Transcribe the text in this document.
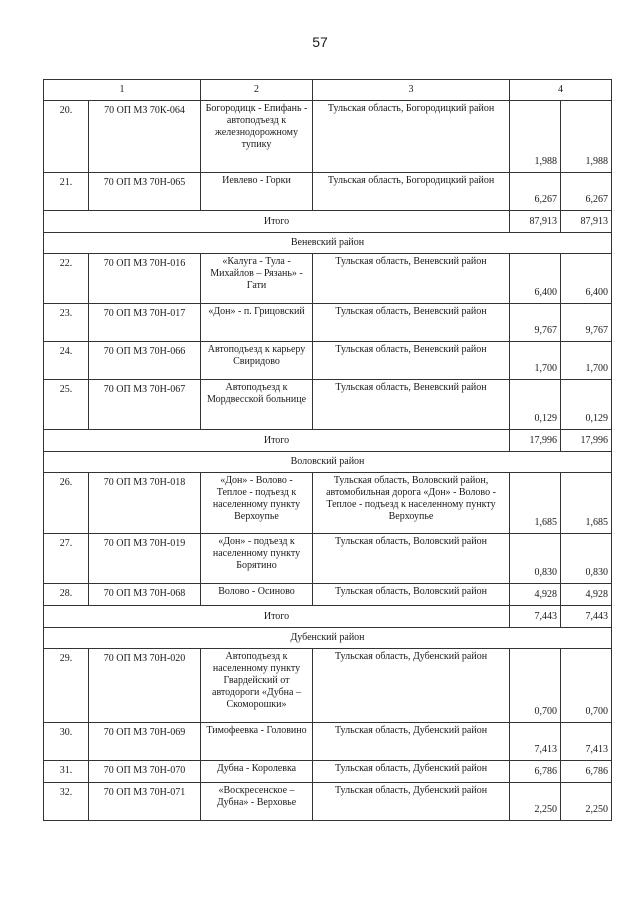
57
1		2	3	4	
20.	70 ОП МЗ 70К-064	Богородицк - Епифань - автоподъезд к железнодорожному тупику	Тульская область, Богородицкий район	1,988	1,988
21.	70 ОП МЗ 70Н-065	Иевлево - Горки	Тульская область, Богородицкий район	6,267	6,267
Итого				87,913	87,913
Веневский район					
22.	70 ОП МЗ 70Н-016	«Калуга - Тула - Михайлов – Рязань» - Гати	Тульская область, Веневский район	6,400	6,400
23.	70 ОП МЗ 70Н-017	«Дон» - п. Грицовский	Тульская область, Веневский район	9,767	9,767
24.	70 ОП МЗ 70Н-066	Автоподъезд к карьеру Свиридово	Тульская область, Веневский район	1,700	1,700
25.	70 ОП МЗ 70Н-067	Автоподъезд к Мордвесской больнице	Тульская область, Веневский район	0,129	0,129
Итого				17,996	17,996
Воловский район					
26.	70 ОП МЗ 70Н-018	«Дон» - Волово - Теплое - подъезд к населенному пункту Верхоупье	Тульская область, Воловский район, автомобильная дорога «Дон» - Волово - Теплое - подъезд к населенному пункту Верхоупье	1,685	1,685
27.	70 ОП МЗ 70Н-019	«Дон» - подъезд к населенному пункту Борятино	Тульская область, Воловский район	0,830	0,830
28.	70 ОП МЗ 70Н-068	Волово - Осиново	Тульская область, Воловский район	4,928	4,928
Итого				7,443	7,443
Дубенский район					
29.	70 ОП МЗ 70Н-020	Автоподъезд к населенному пункту Гвардейский от автодороги «Дубна – Скоморошки»	Тульская область, Дубенский район	0,700	0,700
30.	70 ОП МЗ 70Н-069	Тимофеевка - Головино	Тульская область, Дубенский район	7,413	7,413
31.	70 ОП МЗ 70Н-070	Дубна - Королевка	Тульская область, Дубенский район	6,786	6,786
32.	70 ОП МЗ 70Н-071	«Воскресенское – Дубна» - Верховье	Тульская область, Дубенский район	2,250	2,250
